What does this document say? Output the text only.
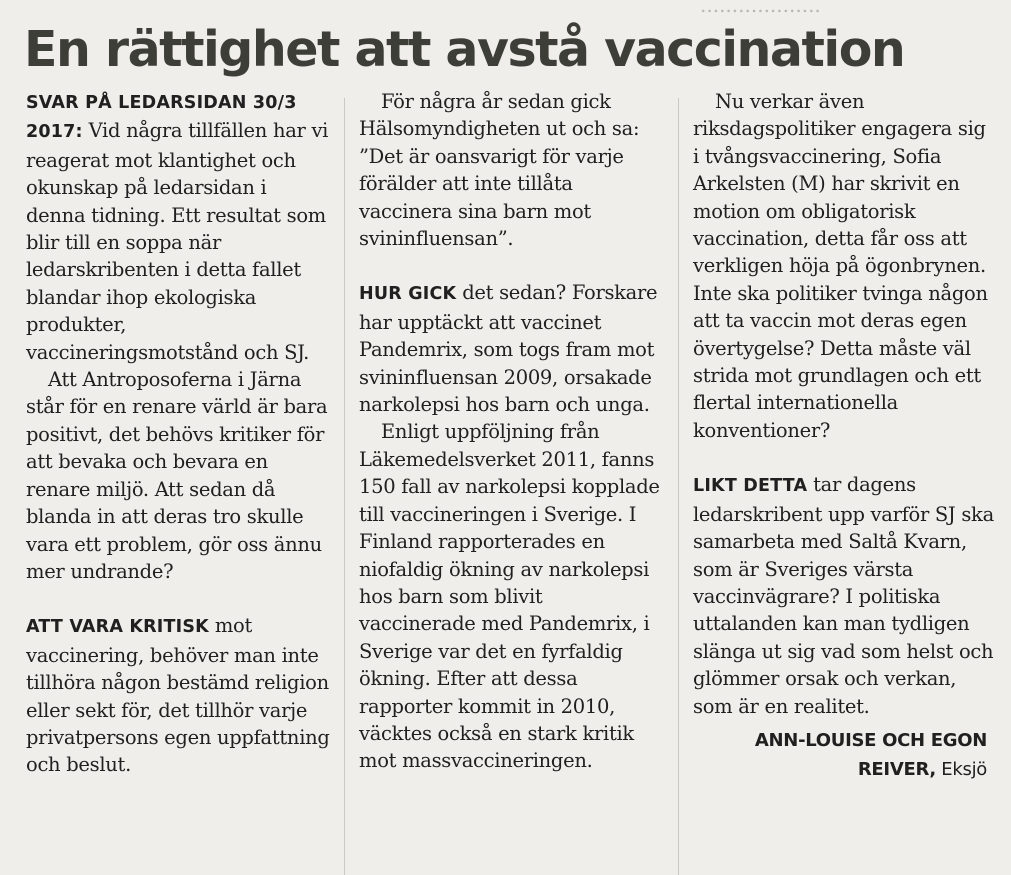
...................
En rättighet att avstå vaccination

SVAR PÅ LEDARSIDAN 30/3 2017: Vid några tillfällen har vi reagerat mot klantighet och okunskap på ledarsidan i denna tidning. Ett resultat som blir till en soppa när ledarskribenten i detta fallet blandar ihop ekologiska produkter, vaccineringsmotstånd och SJ.

Att Antroposoferna i Järna står för en renare värld är bara positivt, det behövs kritiker för att bevaka och bevara en renare miljö. Att sedan då blanda in att deras tro skulle vara ett problem, gör oss ännu mer undrande?

ATT VARA KRITISK mot vaccinering, behöver man inte tillhöra någon bestämd religion eller sekt för, det tillhör varje privatpersons egen uppfattning och beslut.

För några år sedan gick Hälsomyndigheten ut och sa: ”Det är oansvarigt för varje förälder att inte tillåta vaccinera sina barn mot svininfluensan”.

HUR GICK det sedan? Forskare har upptäckt att vaccinet Pandemrix, som togs fram mot svininfluensan 2009, orsakade narkolepsi hos barn och unga.

Enligt uppföljning från Läkemedelsverket 2011, fanns 150 fall av narkolepsi kopplade till vaccineringen i Sverige. I Finland rapporterades en niofaldig ökning av narkolepsi hos barn som blivit vaccinerade med Pandemrix, i Sverige var det en fyrfaldig ökning. Efter att dessa rapporter kommit in 2010, väcktes också en stark kritik mot massvaccineringen.

Nu verkar även riksdagspolitiker engagera sig i tvångsvaccinering, Sofia Arkelsten (M) har skrivit en motion om obligatorisk vaccination, detta får oss att verkligen höja på ögonbrynen. Inte ska politiker tvinga någon att ta vaccin mot deras egen övertygelse? Detta måste väl strida mot grundlagen och ett flertal internationella konventioner?

LIKT DETTA tar dagens ledarskribent upp varför SJ ska samarbeta med Saltå Kvarn, som är Sveriges värsta vaccinvägrare? I politiska uttalanden kan man tydligen slänga ut sig vad som helst och glömmer orsak och verkan, som är en realitet.

ANN-LOUISE OCH EGON
REIVER, Eksjö
